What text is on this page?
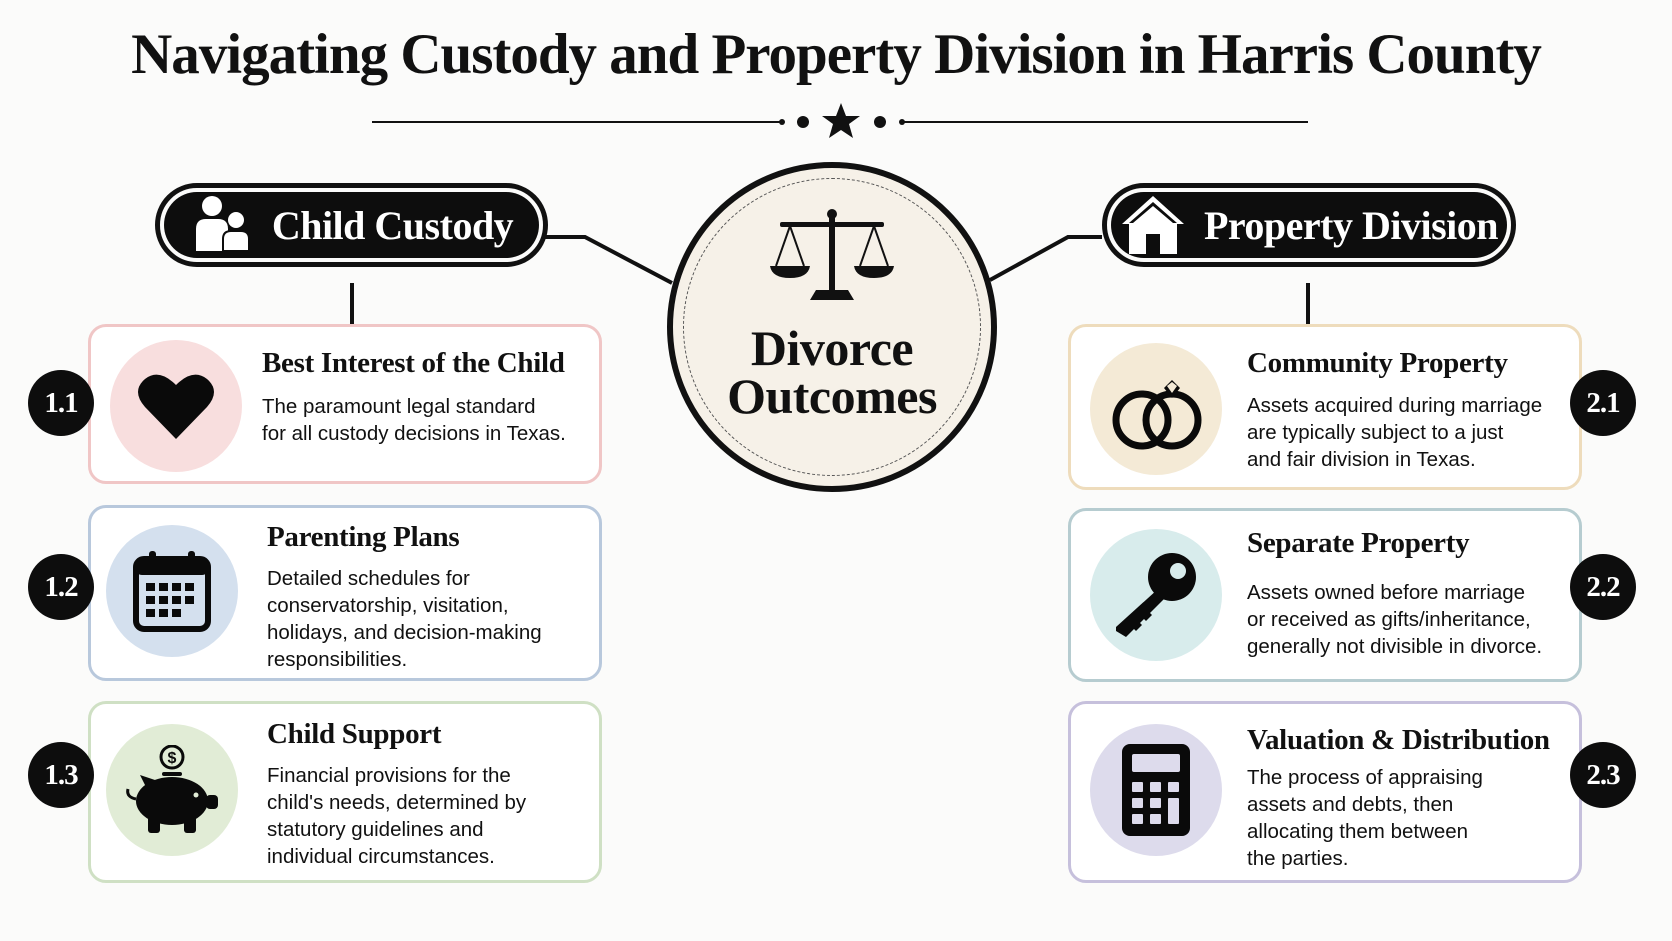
Navigating Custody and Property Division in Harris County
Child Custody	Property Division
Divorce
Outcomes
Best Interest of the Child
The paramount legal standard
for all custody decisions in Texas.
Parenting Plans
Detailed schedules for
conservatorship, visitation,
holidays, and decision-making
responsibilities.
$
Child Support
Financial provisions for the
child's needs, determined by
statutory guidelines and
individual circumstances.
Community Property
Assets acquired during marriage
are typically subject to a just
and fair division in Texas.
Separate Property
Assets owned before marriage
or received as gifts/inheritance,
generally not divisible in divorce.
Valuation & Distribution
The process of appraising
assets and debts, then
allocating them between
the parties.
1.1
1.2
1.3
2.1
2.2
2.3
